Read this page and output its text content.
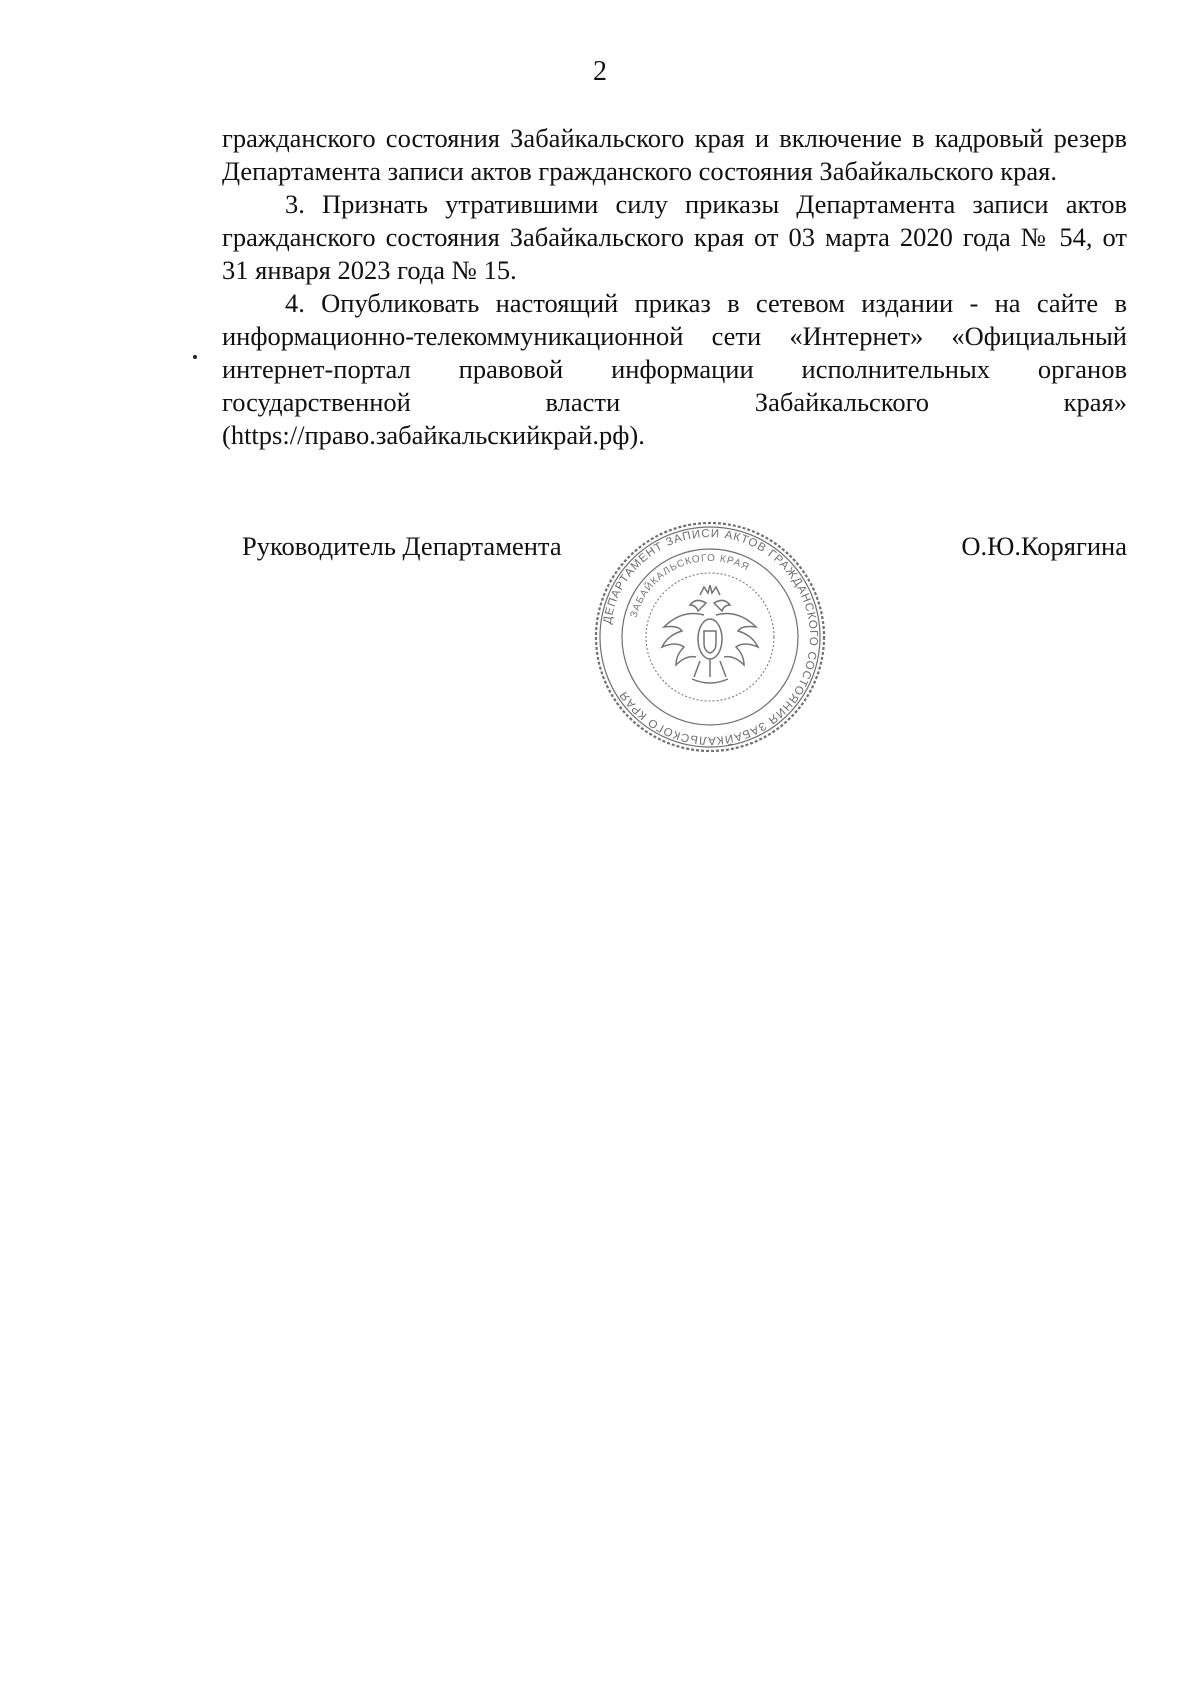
2
гражданского состояния Забайкальского края и включение в кадровый резерв
Департамента записи актов гражданского состояния Забайкальского края.
3. Признать утратившими силу приказы Департамента записи актов
гражданского состояния Забайкальского края от 03 марта 2020 года № 54, от
31 января 2023 года № 15.
4. Опубликовать настоящий приказ в сетевом издании - на сайте в
информационно-телекоммуникационной сети «Интернет» «Официальный
интернет-портал правовой информации исполнительных органов
государственной власти Забайкальского края»
(https://право.забайкальскийкрай.рф).
Руководитель Департамента	О.Ю.Корягина
ДЕПАРТАМЕНТ ЗАПИСИ АКТОВ ГРАЖДАНСКОГО СОСТОЯНИЯ ЗАБАЙКАЛЬСКОГО КРАЯ
ЗАБАЙКАЛЬСКОГО КРАЯ
